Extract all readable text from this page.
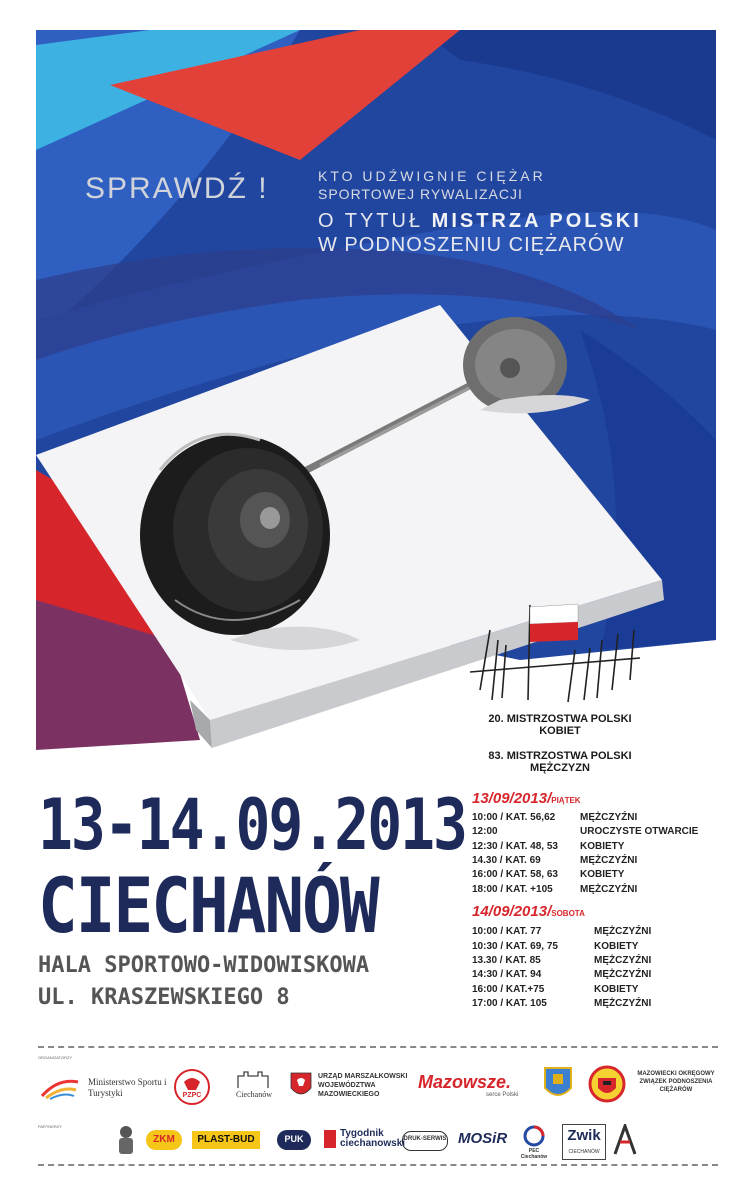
SPRAWDŹ !	KTO UDŹWIGNIE CIĘŻAR
SPORTOWEJ RYWALIZACJI
O TYTUŁ MISTRZA POLSKI
W PODNOSZENIU CIĘŻARÓW
20. MISTRZOSTWA POLSKI
KOBIET
83. MISTRZOSTWA POLSKI
MĘŻCZYZN
13-14.09.2013
CIECHANÓW
HALA SPORTOWO-WIDOWISKOWA
UL. KRASZEWSKIEGO 8
13/09/2013/PIĄTEK
10:00 / KAT. 56,62 MĘŻCZYŹNI
12:00	UROCZYSTE OTWARCIE
12:30 / KAT. 48, 53 KOBIETY
14.30 / KAT. 69	MĘŻCZYŹNI
16:00 / KAT. 58, 63 KOBIETY
18:00 / KAT. +105	MĘŻCZYŹNI
14/09/2013/SOBOTA
10:00 / KAT. 77	MĘŻCZYŹNI
10:30 / KAT. 69, 75	KOBIETY
13.30 / KAT. 85	MĘŻCZYŹNI
14:30 / KAT. 94	MĘŻCZYŹNI
16:00 / KAT.+75	KOBIETY
17:00 / KAT. 105	MĘŻCZYŹNI
ORGANIZATORZY
Ministerstwo Sportu i Turystyki	PZPC	Ciechanów
URZĄD MARSZAŁKOWSKI WOJEWÓDZTWA MAZOWIECKIEGO
Mazowsze.
serce Polski
MAZOWIECKI OKRĘGOWY ZWIĄZEK PODNOSZENIA CIĘŻARÓW
PARTNERZY
ZKM	PLAST-BUD	PUK	Tygodnik ciechanowski
DRUK-SERWIS MOSiR
PEC Ciechanów
Zwik
CIECHANÓW
